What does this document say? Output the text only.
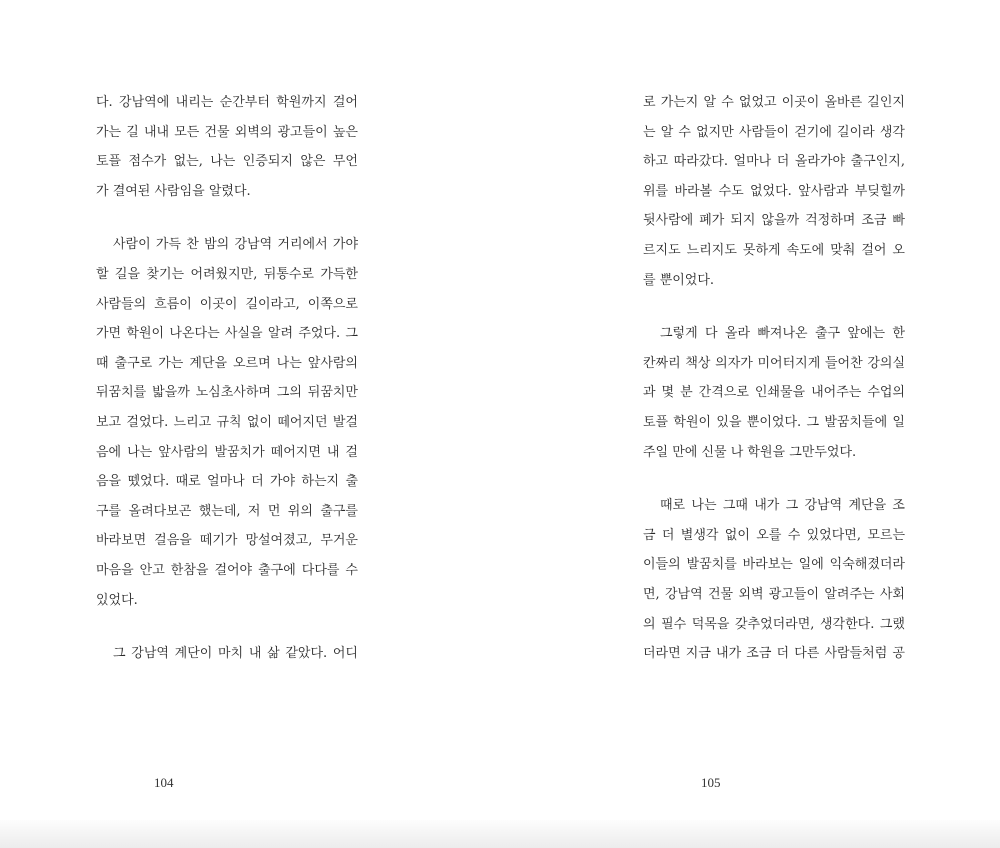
다. 강남역에 내리는 순간부터 학원까지 걸어
가는 길 내내 모든 건물 외벽의 광고들이 높은
토플 점수가 없는, 나는 인증되지 않은 무언
가 결여된 사람임을 알렸다.
사람이 가득 찬 밤의 강남역 거리에서 가야
할 길을 찾기는 어려웠지만, 뒤통수로 가득한
사람들의 흐름이 이곳이 길이라고, 이쪽으로
가면 학원이 나온다는 사실을 알려 주었다. 그
때 출구로 가는 계단을 오르며 나는 앞사람의
뒤꿈치를 밟을까 노심초사하며 그의 뒤꿈치만
보고 걸었다. 느리고 규칙 없이 떼어지던 발걸
음에 나는 앞사람의 발꿈치가 떼어지면 내 걸
음을 뗐었다. 때로 얼마나 더 가야 하는지 출
구를 올려다보곤 했는데, 저 먼 위의 출구를
바라보면 걸음을 떼기가 망설여졌고, 무거운
마음을 안고 한참을 걸어야 출구에 다다를 수
있었다.
그 강남역 계단이 마치 내 삶 같았다. 어디
104
로 가는지 알 수 없었고 이곳이 올바른 길인지
는 알 수 없지만 사람들이 걷기에 길이라 생각
하고 따라갔다. 얼마나 더 올라가야 출구인지,
위를 바라볼 수도 없었다. 앞사람과 부딪힐까
뒷사람에 폐가 되지 않을까 걱정하며 조금 빠
르지도 느리지도 못하게 속도에 맞춰 걸어 오
를 뿐이었다.
그렇게 다 올라 빠져나온 출구 앞에는 한
칸짜리 책상 의자가 미어터지게 들어찬 강의실
과 몇 분 간격으로 인쇄물을 내어주는 수업의
토플 학원이 있을 뿐이었다. 그 발꿈치들에 일
주일 만에 신물 나 학원을 그만두었다.
때로 나는 그때 내가 그 강남역 계단을 조
금 더 별생각 없이 오를 수 있었다면, 모르는
이들의 발꿈치를 바라보는 일에 익숙해졌더라
면, 강남역 건물 외벽 광고들이 알려주는 사회
의 필수 덕목을 갖추었더라면, 생각한다. 그랬
더라면 지금 내가 조금 더 다른 사람들처럼 공
105
